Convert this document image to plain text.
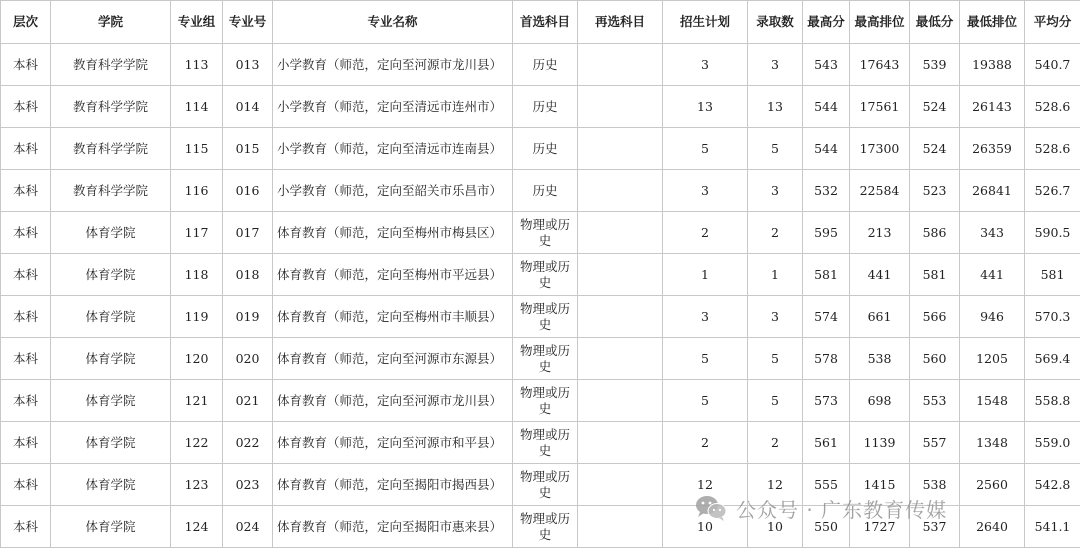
层次	学院	专业组	专业号	专业名称	首选科目	再选科目	招生计划	录取数	最高分	最高排位	最低分	最低排位	平均分
本科	教育科学学院	113	013	小学教育（师范，定向至河源市龙川县）	历史		3	3	543	17643	539	19388	540.7
本科	教育科学学院	114	014	小学教育（师范，定向至清远市连州市）	历史		13	13	544	17561	524	26143	528.6
本科	教育科学学院	115	015	小学教育（师范，定向至清远市连南县）	历史		5	5	544	17300	524	26359	528.6
本科	教育科学学院	116	016	小学教育（师范，定向至韶关市乐昌市）	历史		3	3	532	22584	523	26841	526.7
本科	体育学院	117	017	体育教育（师范，定向至梅州市梅县区）	物理或历史		2	2	595	213	586	343	590.5
本科	体育学院	118	018	体育教育（师范，定向至梅州市平远县）	物理或历史		1	1	581	441	581	441	581
本科	体育学院	119	019	体育教育（师范，定向至梅州市丰顺县）	物理或历史		3	3	574	661	566	946	570.3
本科	体育学院	120	020	体育教育（师范，定向至河源市东源县）	物理或历史		5	5	578	538	560	1205	569.4
本科	体育学院	121	021	体育教育（师范，定向至河源市龙川县）	物理或历史		5	5	573	698	553	1548	558.8
本科	体育学院	122	022	体育教育（师范，定向至河源市和平县）	物理或历史		2	2	561	1139	557	1348	559.0
本科	体育学院	123	023	体育教育（师范，定向至揭阳市揭西县）	物理或历史		12	12	555	1415	538	2560	542.8
本科	体育学院	124	024	体育教育（师范，定向至揭阳市惠来县）	物理或历史		10	10	550	1727	537	2640	541.1
公众号 · 广东教育传媒
